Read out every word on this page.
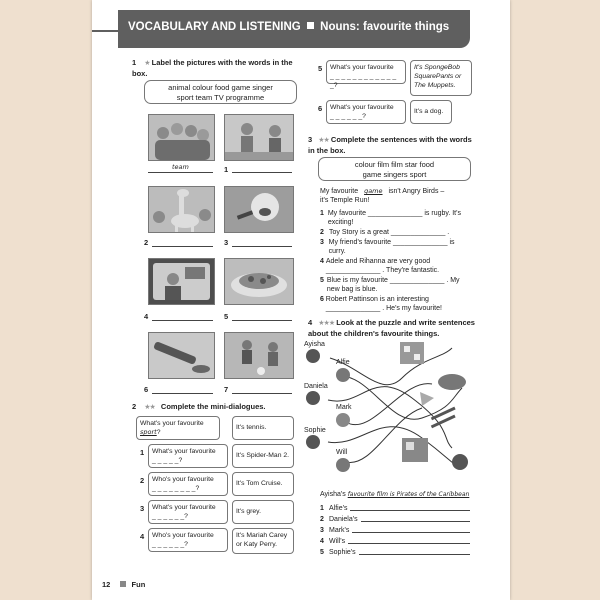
VOCABULARY AND LISTENING Nouns: favourite things
1 ★ Label the pictures with the words in the box.
animal colour food game singer
sport team TV programme
team	1
2	3
4	5
6	7
2 ★★ Complete the mini-dialogues.
What's your favourite
sport?
It's tennis.
1	What's your favourite
_ _ _ _ _?
It's Spider-Man 2.
2	Who's your favourite
_ _ _ _ _ _ _ _?
It's Tom Cruise.
3	What's your favourite
_ _ _ _ _ _?
It's grey.
4	Who's your favourite
_ _ _ _ _ _?
It's Mariah Carey or Katy Perry.
5	What's your favourite
_ _ _ _ _ _ _ _ _ _ _ _ _?
It's SpongeBob SquarePants or The Muppets.
6	What's your favourite
_ _ _ _ _ _?
It's a dog.
3 ★★ Complete the sentences with the words in the box.
colour film film star food
game singers sport
My favourite game isn't Angry Birds –
it's Temple Run!
1 My favourite ______________ is rugby. It's exciting!
2 Toy Story is a great ______________ .
3 My friend's favourite ______________ is curry.
4 Adele and Rihanna are very good ______________ . They're fantastic.
5 Blue is my favourite ______________ . My new bag is blue.
6 Robert Pattinson is an interesting ______________ . He's my favourite!
4 ★★★ Look at the puzzle and write sentences about the children's favourite things.
Ayisha
Alfie
Daniela
Mark
Sophie
Will
Ayisha's favourite film is Pirates of the Caribbean
1 Alfie's
2 Daniela's
3 Mark's
4 Will's
5 Sophie's
12	Fun
